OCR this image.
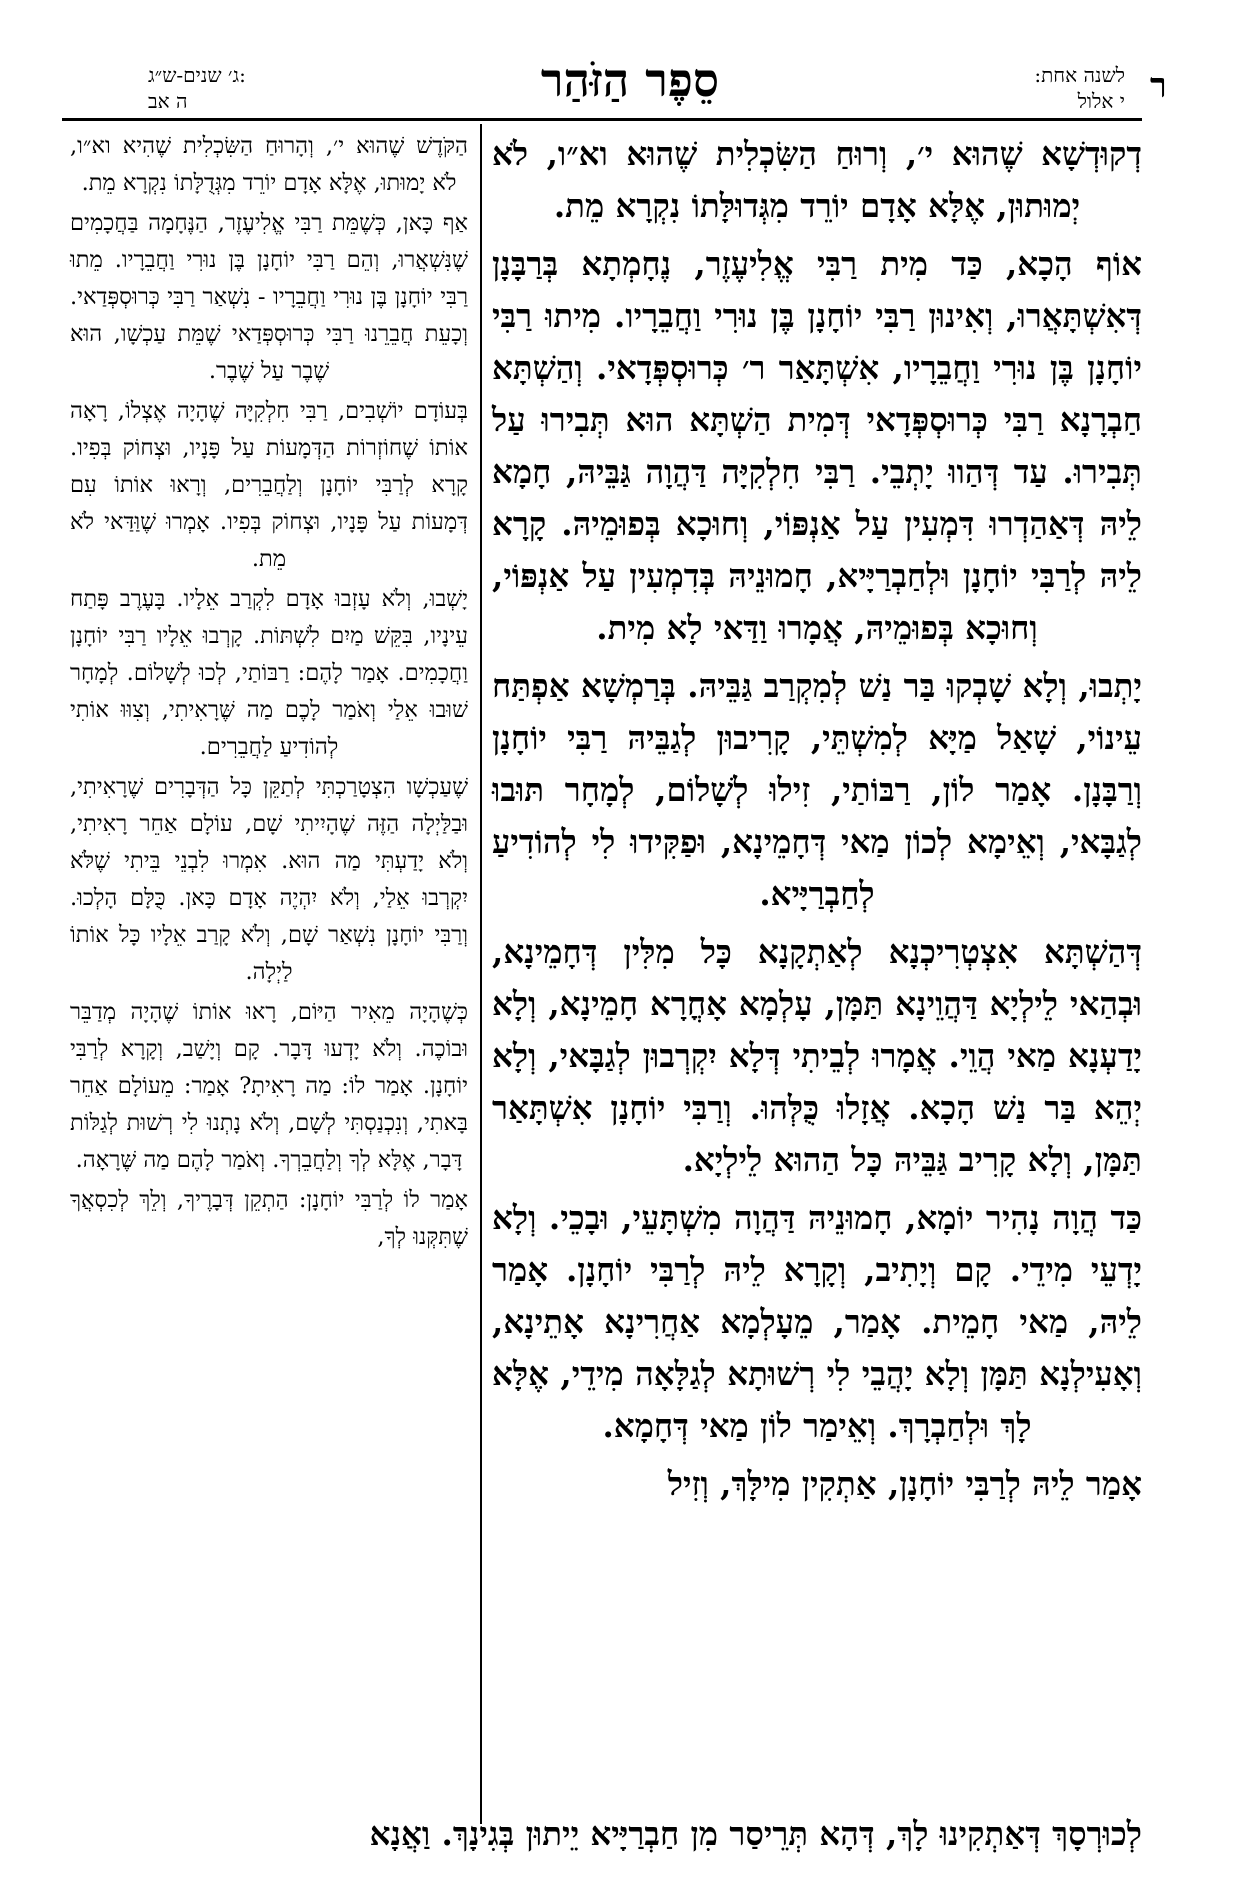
ר
לשנה אחת:
י אלול
סֵפֶר הַזֹּהַר
ג׳ שנים-ש״ג:
ה אב

דְקוּדְשָׁא שֶׁהוּא י׳, וְרוּחַ הַשִּׂכְלִית שֶׁהוּא וא״ו, לֹא יְמוּתוּן, אֶלָּא אָדָם יוֹרֵד מִגְּדוּלָּתוֹ נִקְרָא מֵת.

אוֹף הָכָא, כַּד מִית רַבִּי אֱלִיעֶזֶר, נֶחָמְתָא בְּרַבָּנָן דְּאִשְׁתָּאֲרוּ, וְאִינוּן רַבִּי יוֹחָנָן בֶּן נוּרִי וַחֲבֵרָיו. מִיתוּ רַבִּי יוֹחָנָן בֶּן נוּרִי וַחֲבֵרָיו, אִשְׁתָּאַר ר׳ כְּרוּסְפְּדָאי. וְהַשְׁתָּא חַבְרָנָא רַבִּי כְּרוּסְפְּדָאי דְּמִית הַשְׁתָּא הוּא תְּבִירוּ עַל תְּבִירוּ. עַד דְּהַווּ יָתְבֵי. רַבִּי חִלְקִיָּה דַּהֲוָה גַּבֵּיהּ, חָמָא לֵיהּ דְּאַהַדְרוּ דִּמְעִין עַל אַנְפּוֹי, וְחוּכָא בְּפוּמֵיהּ. קָרָא לֵיהּ לְרַבִּי יוֹחָנָן וּלְחַבְרַיָּיא, חָמוּנֵיהּ בְּדִמְעִין עַל אַנְפּוֹי, וְחוּכָא בְּפוּמֵיהּ, אֲמָרוּ וַדַּאי לָא מִית.

יָתְבוּ, וְלָא שָׁבְקוּ בַּר נַשׁ לְמִקְרַב גַּבֵּיהּ. בְּרַמְשָׁא אַפְתַּח עֵינוֹי, שָׁאַל מַיָּא לְמִשְׁתֵּי, קָרִיבוּן לְגַבֵּיהּ רַבִּי יוֹחָנָן וְרַבָּנָן. אָמַר לוֹן, רַבּוֹתַי, זִילוּ לְשָׁלוֹם, לְמָחָר תּוּבוּ לְגַבָּאי, וְאֵימָא לְכוֹן מַאי דְּחָמֵינָא, וּפַקִּידוּ לִי לְהוֹדִיעַ לְחַבְרַיָּיא.

דְּהַשְׁתָּא אִצְטְרִיכְנָא לְאַתְקָנָא כָּל מִלִּין דְּחָמֵינָא, וּבְהַאי לֵילְיָא דַּהֲוֵינָא תַּמָּן, עָלְמָא אָחֳרָא חָמֵינָא, וְלָא יָדַעְנָא מַאי הֲוֵי. אֲמָרוּ לְבֵיתִי דְּלָא יִקְרְבוּן לְגַבָּאי, וְלָא יְהֵא בַּר נַשׁ הָכָא. אֲזָלוּ כֻּלְּהוּ. וְרַבִּי יוֹחָנָן אִשְׁתָּאַר תַּמָּן, וְלָא קָרִיב גַּבֵּיהּ כָּל הַהוּא לֵילְיָא.

כַּד הֲוָה נָהִיר יוֹמָא, חָמוּנֵיהּ דַּהֲוָה מִשְׁתָּעֵי, וּבָכֵי. וְלָא יָדְעֵי מִידֵי. קָם וְיָתִיב, וְקָרָא לֵיהּ לְרַבִּי יוֹחָנָן. אָמַר לֵיהּ, מַאי חָמֵית. אָמַר, מֵעָלְמָא אַחֲרִינָא אָתֵינָא, וְאָעִילְנָא תַּמָּן וְלָא יָהֲבֵי לִי רְשׁוּתָא לְגַלָּאָה מִידֵי, אֶלָּא לָךְ וּלְחַבְרָךְ. וְאֵימַר לוֹן מַאי דְּחָמָא.

אָמַר לֵיהּ לְרַבִּי יוֹחָנָן, אַתְקִין מִילָּךְ, וְזִיל

הַקֹּדֶשׁ שֶׁהוּא י׳, וְהָרוּחַ הַשִּׂכְלִית שֶׁהִיא וא״ו, לֹא יָמוּתוּ, אֶלָּא אָדָם יוֹרֵד מִגְּדֻלָּתוֹ נִקְרָא מֵת.

אַף כָּאן, כְּשֶׁמֵּת רַבִּי אֱלִיעֶזֶר, הַנֶּחָמָה בַּחֲכָמִים שֶׁנִּשְׁאֲרוּ, וְהֵם רַבִּי יוֹחָנָן בֶּן נוּרִי וַחֲבֵרָיו. מֵתוּ רַבִּי יוֹחָנָן בֶּן נוּרִי וַחֲבֵרָיו - נִשְׁאַר רַבִּי כְּרוּסְפְּדַאי. וְכָעֵת חֲבֵרֵנוּ רַבִּי כְּרוּסְפְּדַאי שֶׁמֵּת עַכְשָׁו, הוּא שֶׁבֶר עַל שֶׁבֶר.

בְּעוֹדָם יוֹשְׁבִים, רַבִּי חִלְקִיָּה שֶׁהָיָה אֶצְלוֹ, רָאָה אוֹתוֹ שֶׁחוֹזְרוֹת הַדְּמָעוֹת עַל פָּנָיו, וּצְחוֹק בְּפִיו. קָרָא לְרַבִּי יוֹחָנָן וְלַחֲבֵרִים, וְרָאוּ אוֹתוֹ עִם דְּמָעוֹת עַל פָּנָיו, וּצְחוֹק בְּפִיו. אָמְרוּ שֶׁוַּדַּאי לֹא מֵת.

יָשְׁבוּ, וְלֹא עָזְבוּ אָדָם לִקְרַב אֵלָיו. בָּעֶרֶב פָּתַח עֵינָיו, בִּקֵּשׁ מַיִם לִשְׁתּוֹת. קָרְבוּ אֵלָיו רַבִּי יוֹחָנָן וַחֲכָמִים. אָמַר לָהֶם: רַבּוֹתַי, לְכוּ לְשָׁלוֹם. לְמָחָר שׁוּבוּ אֵלַי וְאֹמַר לָכֶם מַה שֶּׁרָאִיתִי, וְצִוּוּ אוֹתִי לְהוֹדִיעַ לַחֲבֵרִים.

שֶׁעַכְשָׁו הִצְטָרַכְתִּי לְתַקֵּן כָּל הַדְּבָרִים שֶׁרָאִיתִי, וּבַלַּיְלָה הַזֶּה שֶׁהָיִיתִי שָׁם, עוֹלָם אַחֵר רָאִיתִי, וְלֹא יָדַעְתִּי מַה הוּא. אִמְרוּ לִבְנֵי בֵּיתִי שֶׁלֹּא יִקְרְבוּ אֵלַי, וְלֹא יִהְיֶה אָדָם כָּאן. כֻּלָּם הָלְכוּ. וְרַבִּי יוֹחָנָן נִשְׁאַר שָׁם, וְלֹא קָרַב אֵלָיו כָּל אוֹתוֹ לַיְלָה.

כְּשֶׁהָיָה מֵאִיר הַיּוֹם, רָאוּ אוֹתוֹ שֶׁהָיָה מְדַבֵּר וּבוֹכֶה. וְלֹא יָדְעוּ דָּבָר. קָם וְיָשַׁב, וְקָרָא לְרַבִּי יוֹחָנָן. אָמַר לוֹ: מַה רָאִיתָ? אָמַר: מֵעוֹלָם אַחֵר בָּאתִי, וְנִכְנַסְתִּי לְשָׁם, וְלֹא נָתְנוּ לִי רְשׁוּת לְגַלּוֹת דָּבָר, אֶלָּא לְךָ וְלַחֲבֵרְךָ. וְאֹמַר לָהֶם מַה שֶּׁרָאָה.

אָמַר לוֹ לְרַבִּי יוֹחָנָן: הַתְקֵן דְּבָרֶיךָ, וְלֵךְ לְכִסְאֲךָ שֶׁתִּקְּנוּ לְךָ,

לְכוּרְסָךְ דְּאַתְקִינוּ לָךְ, דְּהָא תְּרֵיסַר מִן חַבְרַיָּיא יֵיתוּן בְּגִינָךְ. וַאֲנָא
